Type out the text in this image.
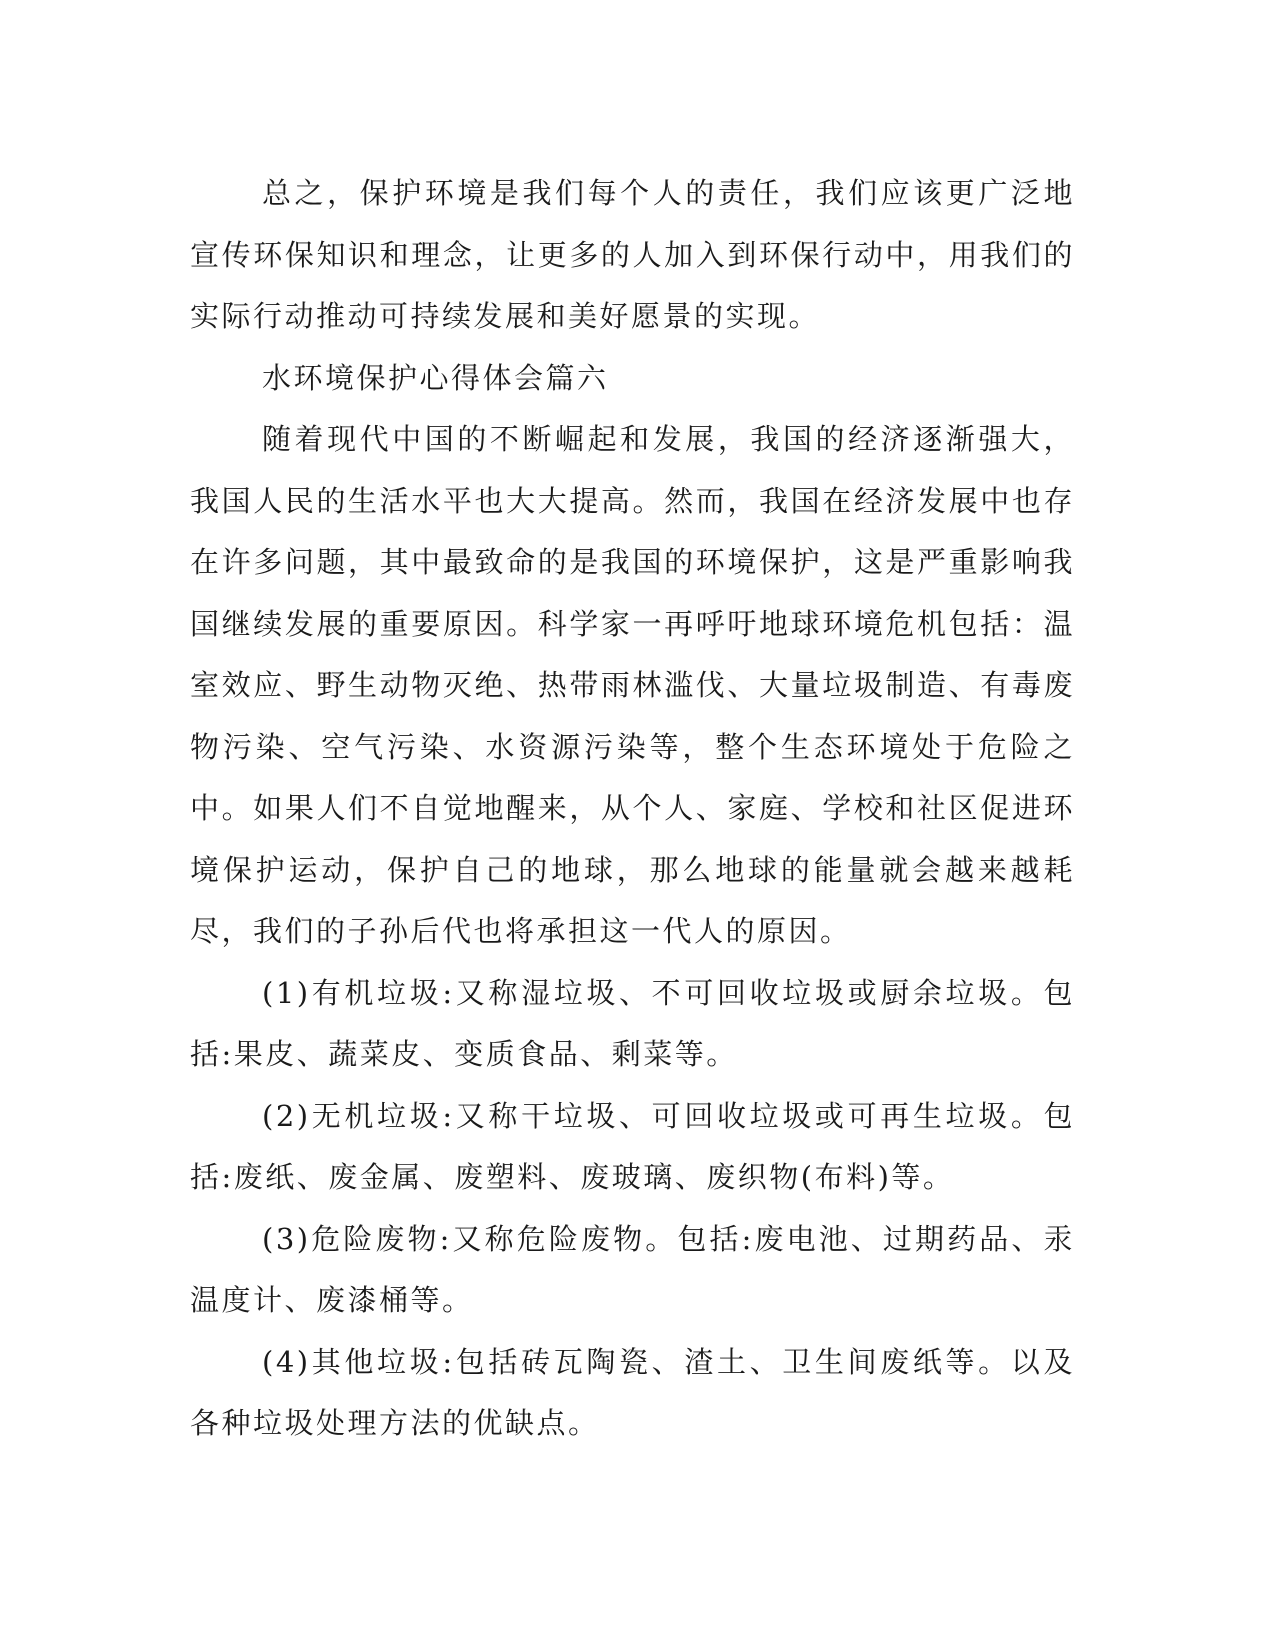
总之，保护环境是我们每个人的责任，我们应该更广泛地宣传环保知识和理念，让更多的人加入到环保行动中，用我们的实际行动推动可持续发展和美好愿景的实现。

水环境保护心得体会篇六

随着现代中国的不断崛起和发展，我国的经济逐渐强大，我国人民的生活水平也大大提高。然而，我国在经济发展中也存在许多问题，其中最致命的是我国的环境保护，这是严重影响我国继续发展的重要原因。科学家一再呼吁地球环境危机包括：温室效应、野生动物灭绝、热带雨林滥伐、大量垃圾制造、有毒废物污染、空气污染、水资源污染等，整个生态环境处于危险之中。如果人们不自觉地醒来，从个人、家庭、学校和社区促进环境保护运动，保护自己的地球，那么地球的能量就会越来越耗尽，我们的子孙后代也将承担这一代人的原因。

(1)有机垃圾:又称湿垃圾、不可回收垃圾或厨余垃圾。包括:果皮、蔬菜皮、变质食品、剩菜等。

(2)无机垃圾:又称干垃圾、可回收垃圾或可再生垃圾。包括:废纸、废金属、废塑料、废玻璃、废织物(布料)等。

(3)危险废物:又称危险废物。包括:废电池、过期药品、汞温度计、废漆桶等。

(4)其他垃圾:包括砖瓦陶瓷、渣土、卫生间废纸等。以及各种垃圾处理方法的优缺点。
